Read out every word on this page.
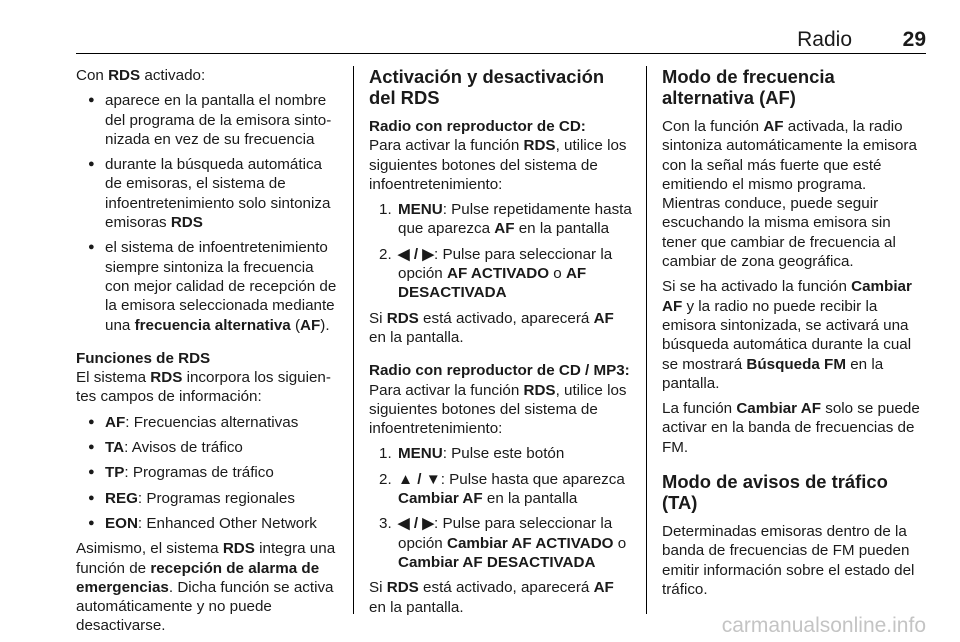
Radio 29

Con RDS activado:

● aparece en la pantalla el nombre del programa de la emisora sintonizada en vez de su frecuencia
● durante la búsqueda automática de emisoras, el sistema de infoentretenimiento solo sintoniza emisoras RDS
● el sistema de infoentretenimiento siempre sintoniza la frecuencia con mejor calidad de recepción de la emisora seleccionada mediante una frecuencia alternativa (AF).
Funciones de RDS

El sistema RDS incorpora los siguientes campos de información:

● AF: Frecuencias alternativas
● TA: Avisos de tráfico
● TP: Programas de tráfico
● REG: Programas regionales
● EON: Enhanced Other Network

Asimismo, el sistema RDS integra una función de recepción de alarma de emergencias. Dicha función se activa automáticamente y no puede desactivarse.

Activación y desactivación del RDS
Radio con reproductor de CD:

Para activar la función RDS, utilice los siguientes botones del sistema de infoentretenimiento:

1. MENU: Pulse repetidamente hasta que aparezca AF en la pantalla
2. ◀ / ▶: Pulse para seleccionar la opción AF ACTIVADO o AF DESACTIVADA

Si RDS está activado, aparecerá AF en la pantalla.

Radio con reproductor de CD / MP3:

Para activar la función RDS, utilice los siguientes botones del sistema de infoentretenimiento:

1. MENU: Pulse este botón
2. ▲ / ▼: Pulse hasta que aparezca Cambiar AF en la pantalla
3. ◀ / ▶: Pulse para seleccionar la opción Cambiar AF ACTIVADO o Cambiar AF DESACTIVADA

Si RDS está activado, aparecerá AF en la pantalla.

Modo de frecuencia alternativa (AF)

Con la función AF activada, la radio sintoniza automáticamente la emisora con la señal más fuerte que esté emitiendo el mismo programa. Mientras conduce, puede seguir escuchando la misma emisora sin tener que cambiar de frecuencia al cambiar de zona geográfica.

Si se ha activado la función Cambiar AF y la radio no puede recibir la emisora sintonizada, se activará una búsqueda automática durante la cual se mostrará Búsqueda FM en la pantalla.

La función Cambiar AF solo se puede activar en la banda de frecuencias de FM.

Modo de avisos de tráfico (TA)

Determinadas emisoras dentro de la banda de frecuencias de FM pueden emitir información sobre el estado del tráfico.

carmanualsonline.info
